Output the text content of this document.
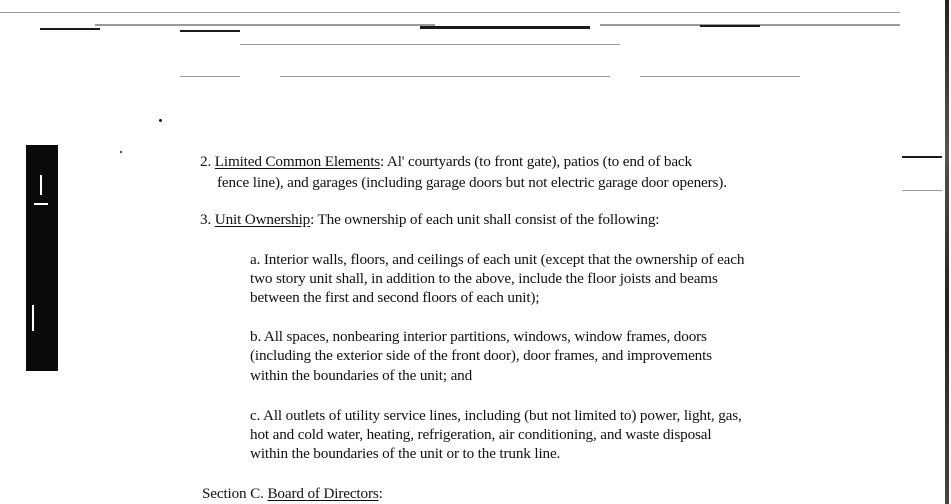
2. Limited Common Elements: Al' courtyards (to front gate), patios (to end of back
fence line), and garages (including garage doors but not electric garage door openers).
3. Unit Ownership: The ownership of each unit shall consist of the following:
a. Interior walls, floors, and ceilings of each unit (except that the ownership of each
two story unit shall, in addition to the above, include the floor joists and beams
between the first and second floors of each unit);
b. All spaces, nonbearing interior partitions, windows, window frames, doors
(including the exterior side of the front door), door frames, and improvements
within the boundaries of the unit; and
c. All outlets of utility service lines, including (but not limited to) power, light, gas,
hot and cold water, heating, refrigeration, air conditioning, and waste disposal
within the boundaries of the unit or to the trunk line.
Section C. Board of Directors:
